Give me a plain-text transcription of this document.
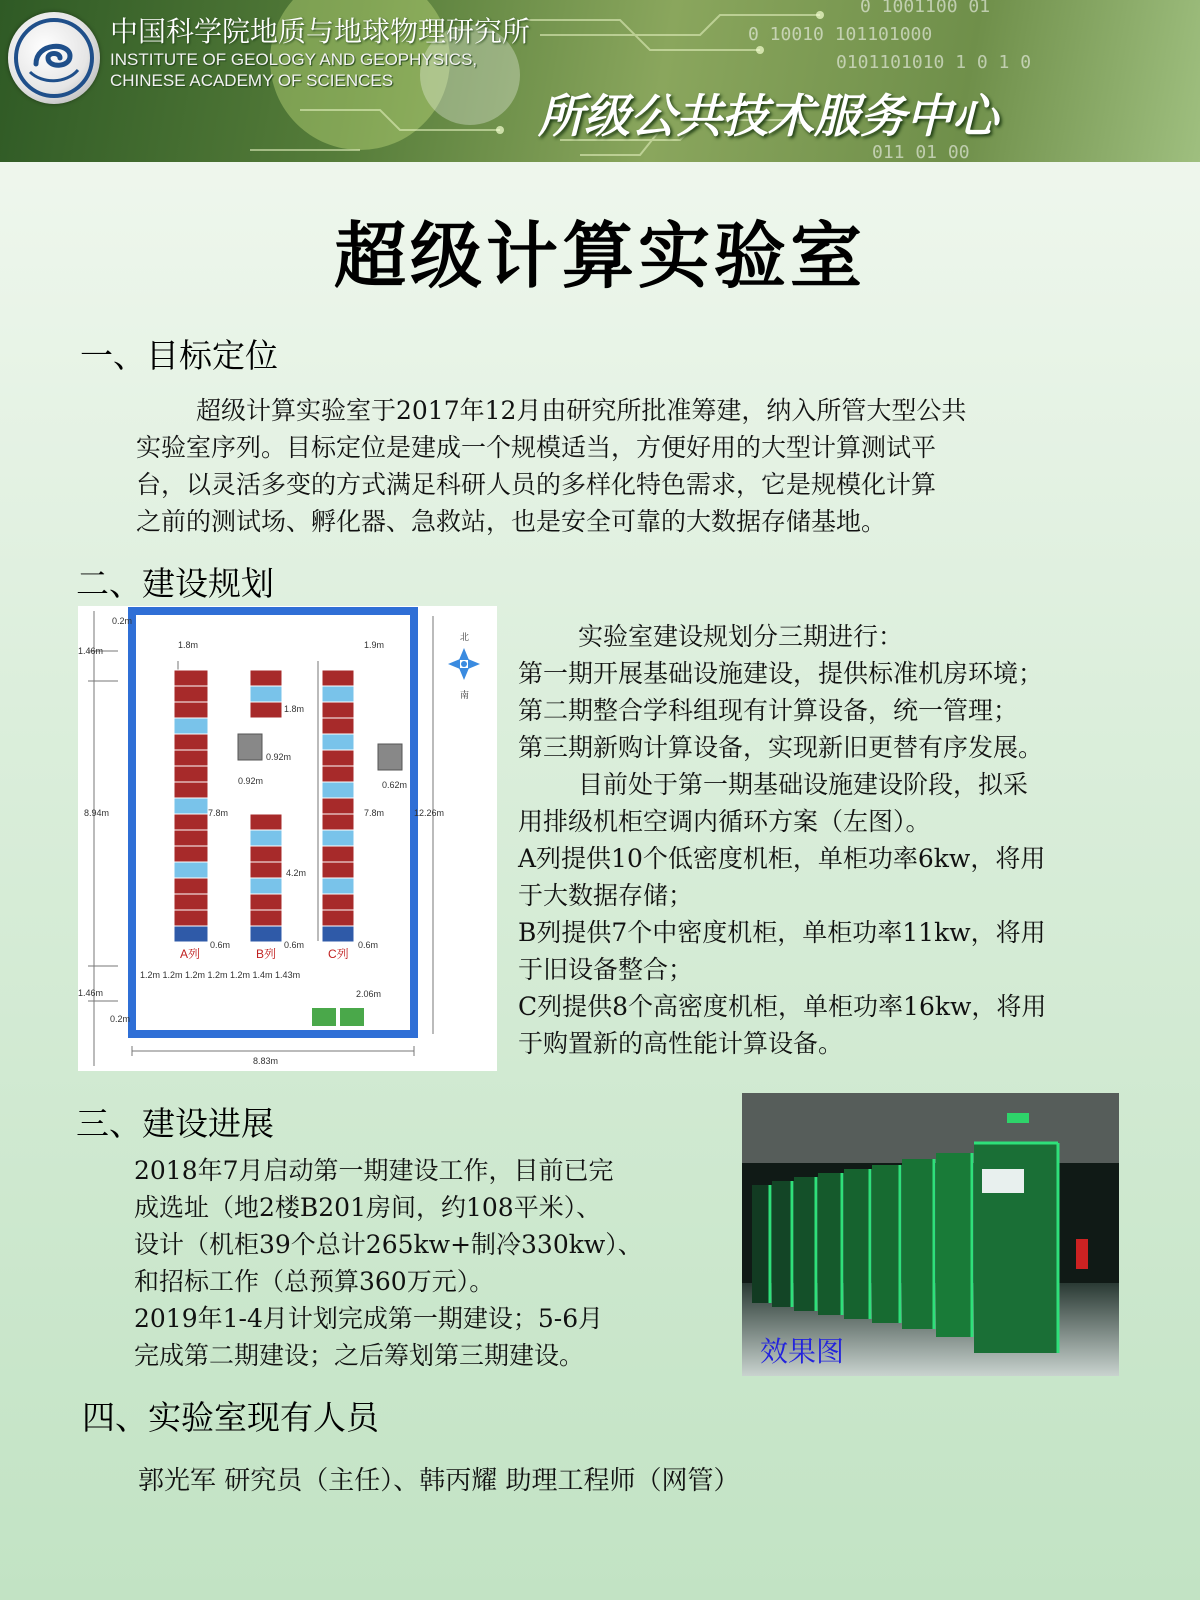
0 1001100 01
0 10010 101101000
0101101010 1 0 1 0
011 01 00
中国科学院地质与地球物理研究所
INSTITUTE OF GEOLOGY AND GEOPHYSICS,
CHINESE ACADEMY OF SCIENCES
所级公共技术服务中心
超级计算实验室
一、目标定位

超级计算实验室于2017年12月由研究所批准筹建，纳入所管大型公共
实验室序列。目标定位是建成一个规模适当，方便好用的大型计算测试平
台，以灵活多变的方式满足科研人员的多样化特色需求，它是规模化计算
之前的测试场、孵化器、急救站，也是安全可靠的大数据存储基地。

二、建设规划
0.2m
1.46m
1.8m	1.9m
1.8m
0.92m
0.92m
8.94m	7.8m	7.8m
4.2m
0.6m	0.6m	0.6m
12.26m
0.62m
1.46m
0.2m
2.06m
8.83m
1.2m 1.2m 1.2m 1.2m 1.2m 1.4m 1.43m
A列	B列	C列
北
南

实验室建设规划分三期进行：
第一期开展基础设施建设，提供标准机房环境；
第二期整合学科组现有计算设备，统一管理；
第三期新购计算设备，实现新旧更替有序发展。
目前处于第一期基础设施建设阶段，拟采
用排级机柜空调内循环方案（左图）。
A列提供10个低密度机柜，单柜功率6kw，将用
于大数据存储；
B列提供7个中密度机柜，单柜功率11kw，将用
于旧设备整合；
C列提供8个高密度机柜，单柜功率16kw，将用
于购置新的高性能计算设备。

三、建设进展

2018年7月启动第一期建设工作，目前已完
成选址（地2楼B201房间，约108平米）、
设计（机柜39个总计265kw+制冷330kw）、
和招标工作（总预算360万元）。
2019年1-4月计划完成第一期建设；5-6月
完成第二期建设；之后筹划第三期建设。	效果图
四、实验室现有人员
郭光军 研究员（主任）、韩丙耀 助理工程师（网管）
